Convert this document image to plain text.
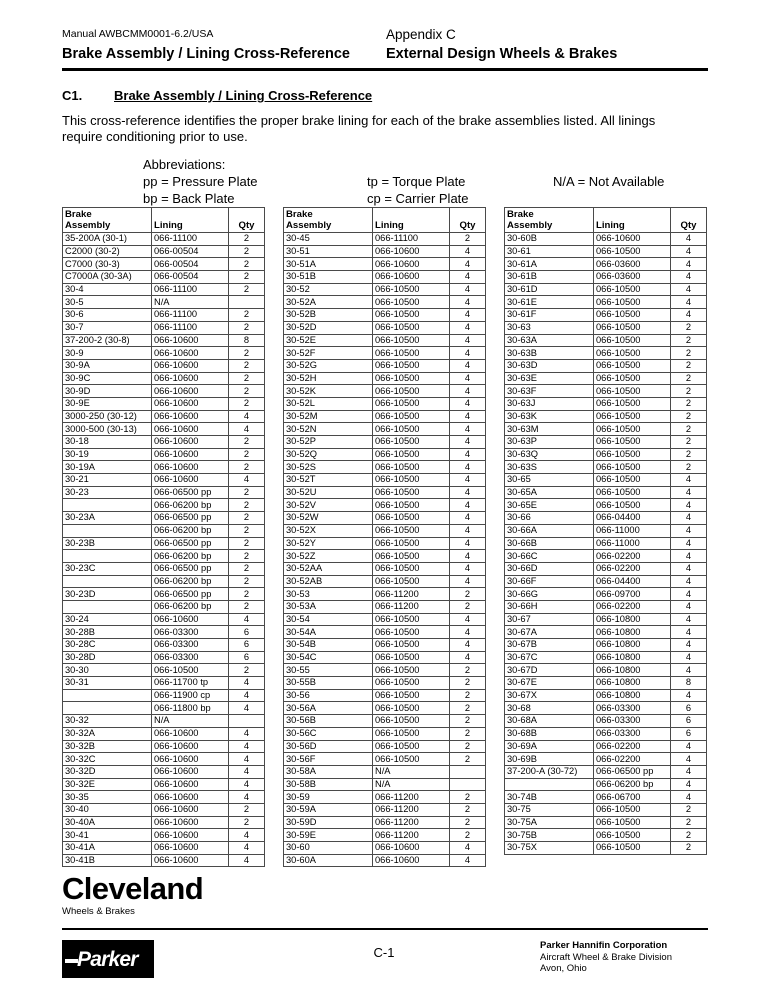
Manual AWBCMM0001-6.2/USA	Appendix C
Brake Assembly / Lining Cross-Reference	External Design Wheels & Brakes
C1.	Brake Assembly / Lining Cross-Reference
This cross-reference identifies the proper brake lining for each of the brake assemblies listed. All linings require conditioning prior to use.
Abbreviations:
pp = Pressure Plate	tp = Torque Plate	N/A = Not Available
bp = Back Plate	cp = Carrier Plate
Brake
Assembly	Lining	Qty
35-200A (30-1)	066-11100	2
C2000 (30-2)	066-00504	2
C7000 (30-3)	066-00504	2
C7000A (30-3A)	066-00504	2
30-4	066-11100	2
30-5	N/A	
30-6	066-11100	2
30-7	066-11100	2
37-200-2 (30-8)	066-10600	8
30-9	066-10600	2
30-9A	066-10600	2
30-9C	066-10600	2
30-9D	066-10600	2
30-9E	066-10600	2
3000-250 (30-12)	066-10600	4
3000-500 (30-13)	066-10600	4
30-18	066-10600	2
30-19	066-10600	2
30-19A	066-10600	2
30-21	066-10600	4
30-23	066-06500 pp	2
	066-06200 bp	2
30-23A	066-06500 pp	2
	066-06200 bp	2
30-23B	066-06500 pp	2
	066-06200 bp	2
30-23C	066-06500 pp	2
	066-06200 bp	2
30-23D	066-06500 pp	2
	066-06200 bp	2
30-24	066-10600	4
30-28B	066-03300	6
30-28C	066-03300	6
30-28D	066-03300	6
30-30	066-10500	2
30-31	066-11700 tp	4
	066-11900 cp	4
	066-11800 bp	4
30-32	N/A	
30-32A	066-10600	4
30-32B	066-10600	4
30-32C	066-10600	4
30-32D	066-10600	4
30-32E	066-10600	4
30-35	066-10600	4
30-40	066-10600	2
30-40A	066-10600	2
30-41	066-10600	4
30-41A	066-10600	4
30-41B	066-10600	4
Brake
Assembly	Lining	Qty
30-45	066-11100	2
30-51	066-10600	4
30-51A	066-10600	4
30-51B	066-10600	4
30-52	066-10500	4
30-52A	066-10500	4
30-52B	066-10500	4
30-52D	066-10500	4
30-52E	066-10500	4
30-52F	066-10500	4
30-52G	066-10500	4
30-52H	066-10500	4
30-52K	066-10500	4
30-52L	066-10500	4
30-52M	066-10500	4
30-52N	066-10500	4
30-52P	066-10500	4
30-52Q	066-10500	4
30-52S	066-10500	4
30-52T	066-10500	4
30-52U	066-10500	4
30-52V	066-10500	4
30-52W	066-10500	4
30-52X	066-10500	4
30-52Y	066-10500	4
30-52Z	066-10500	4
30-52AA	066-10500	4
30-52AB	066-10500	4
30-53	066-11200	2
30-53A	066-11200	2
30-54	066-10500	4
30-54A	066-10500	4
30-54B	066-10500	4
30-54C	066-10500	4
30-55	066-10500	2
30-55B	066-10500	2
30-56	066-10500	2
30-56A	066-10500	2
30-56B	066-10500	2
30-56C	066-10500	2
30-56D	066-10500	2
30-56F	066-10500	2
30-58A	N/A	
30-58B	N/A	
30-59	066-11200	2
30-59A	066-11200	2
30-59D	066-11200	2
30-59E	066-11200	2
30-60	066-10600	4
30-60A	066-10600	4
Brake
Assembly	Lining	Qty
30-60B	066-10600	4
30-61	066-10500	4
30-61A	066-03600	4
30-61B	066-03600	4
30-61D	066-10500	4
30-61E	066-10500	4
30-61F	066-10500	4
30-63	066-10500	2
30-63A	066-10500	2
30-63B	066-10500	2
30-63D	066-10500	2
30-63E	066-10500	2
30-63F	066-10500	2
30-63J	066-10500	2
30-63K	066-10500	2
30-63M	066-10500	2
30-63P	066-10500	2
30-63Q	066-10500	2
30-63S	066-10500	2
30-65	066-10500	4
30-65A	066-10500	4
30-65E	066-10500	4
30-66	066-04400	4
30-66A	066-11000	4
30-66B	066-11000	4
30-66C	066-02200	4
30-66D	066-02200	4
30-66F	066-04400	4
30-66G	066-09700	4
30-66H	066-02200	4
30-67	066-10800	4
30-67A	066-10800	4
30-67B	066-10800	4
30-67C	066-10800	4
30-67D	066-10800	4
30-67E	066-10800	8
30-67X	066-10800	4
30-68	066-03300	6
30-68A	066-03300	6
30-68B	066-03300	6
30-69A	066-02200	4
30-69B	066-02200	4
37-200-A (30-72)	066-06500 pp	4
	066-06200 bp	4
30-74B	066-06700	4
30-75	066-10500	2
30-75A	066-10500	2
30-75B	066-10500	2
30-75X	066-10500	2
Cleveland
Wheels & Brakes
Parker	C-1	Parker Hannifin Corporation
Aircraft Wheel & Brake Division
Avon, Ohio
